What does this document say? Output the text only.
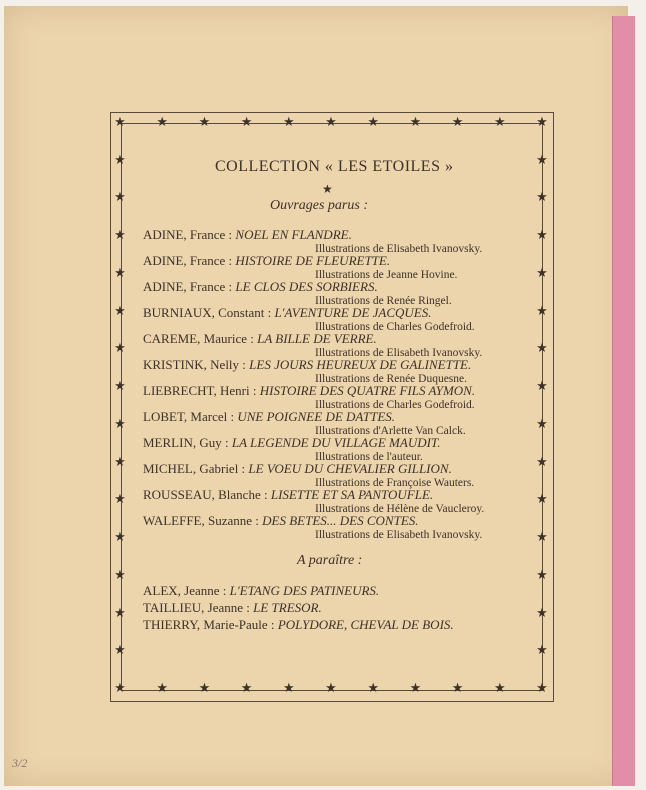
★
★
★
★
★
★
★
★
★
★
★
★
★
★
★
★
★
★
★
★
★
★
★	★
★	★
★	★
★	★
★	★
★	★
★	★
★	★
★	★
★	★
★	★
★	★
★	★
★	★
COLLECTION « LES ETOILES »
★
Ouvrages parus :
ADINE, France : NOEL EN FLANDRE.
Illustrations de Elisabeth Ivanovsky.
ADINE, France : HISTOIRE DE FLEURETTE.
Illustrations de Jeanne Hovine.
ADINE, France : LE CLOS DES SORBIERS.
Illustrations de Renée Ringel.
BURNIAUX, Constant : L'AVENTURE DE JACQUES.
Illustrations de Charles Godefroid.
CAREME, Maurice : LA BILLE DE VERRE.
Illustrations de Elisabeth Ivanovsky.
KRISTINK, Nelly : LES JOURS HEUREUX DE GALINETTE.
Illustrations de Renée Duquesne.
LIEBRECHT, Henri : HISTOIRE DES QUATRE FILS AYMON.
Illustrations de Charles Godefroid.
LOBET, Marcel : UNE POIGNEE DE DATTES.
Illustrations d'Arlette Van Calck.
MERLIN, Guy : LA LEGENDE DU VILLAGE MAUDIT.
Illustrations de l'auteur.
MICHEL, Gabriel : LE VOEU DU CHEVALIER GILLION.
Illustrations de Françoise Wauters.
ROUSSEAU, Blanche : LISETTE ET SA PANTOUFLE.
Illustrations de Hélène de Vaucleroy.
WALEFFE, Suzanne : DES BETES... DES CONTES.
Illustrations de Elisabeth Ivanovsky.
A paraître :
ALEX, Jeanne : L'ETANG DES PATINEURS.
TAILLIEU, Jeanne : LE TRESOR.
THIERRY, Marie-Paule : POLYDORE, CHEVAL DE BOIS.
3/2
